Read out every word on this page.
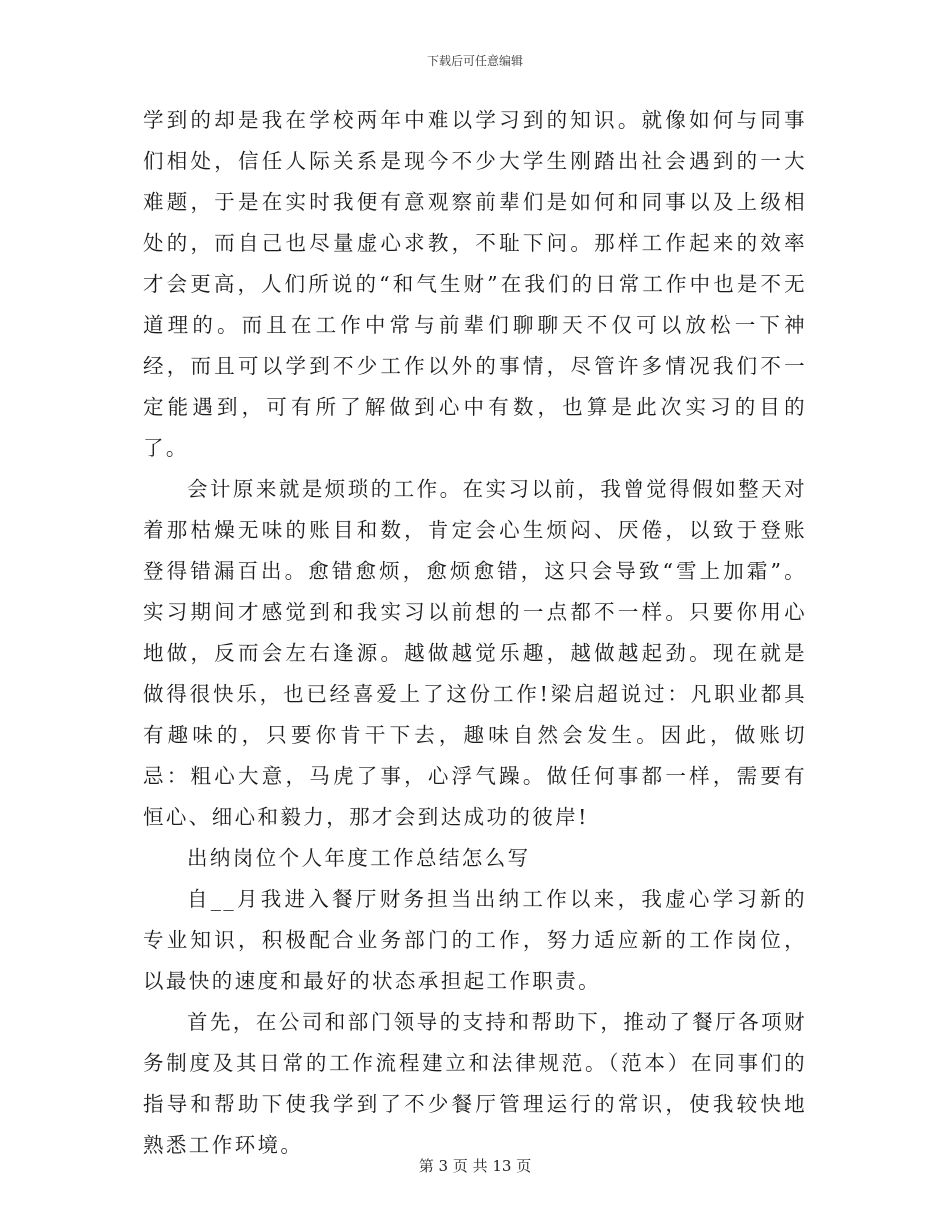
下载后可任意编辑

学到的却是我在学校两年中难以学习到的知识。就像如何与同事们相处，信任人际关系是现今不少大学生刚踏出社会遇到的一大难题，于是在实时我便有意观察前辈们是如何和同事以及上级相处的，而自己也尽量虚心求教，不耻下问。那样工作起来的效率才会更高，人们所说的“和气生财”在我们的日常工作中也是不无道理的。而且在工作中常与前辈们聊聊天不仅可以放松一下神经，而且可以学到不少工作以外的事情，尽管许多情况我们不一定能遇到，可有所了解做到心中有数，也算是此次实习的目的了。

会计原来就是烦琐的工作。在实习以前，我曾觉得假如整天对着那枯燥无味的账目和数，肯定会心生烦闷、厌倦，以致于登账登得错漏百出。愈错愈烦，愈烦愈错，这只会导致“雪上加霜”。实习期间才感觉到和我实习以前想的一点都不一样。只要你用心地做，反而会左右逢源。越做越觉乐趣，越做越起劲。现在就是做得很快乐，也已经喜爱上了这份工作!梁启超说过：凡职业都具有趣味的，只要你肯干下去，趣味自然会发生。因此，做账切忌：粗心大意，马虎了事，心浮气躁。做任何事都一样，需要有恒心、细心和毅力，那才会到达成功的彼岸!

出纳岗位个人年度工作总结怎么写

自__月我进入餐厅财务担当出纳工作以来，我虚心学习新的专业知识，积极配合业务部门的工作，努力适应新的工作岗位，以最快的速度和最好的状态承担起工作职责。

首先，在公司和部门领导的支持和帮助下，推动了餐厅各项财务制度及其日常的工作流程建立和法律规范。（范本）在同事们的指导和帮助下使我学到了不少餐厅管理运行的常识，使我较快地熟悉工作环境。

第 3 页 共 13 页
